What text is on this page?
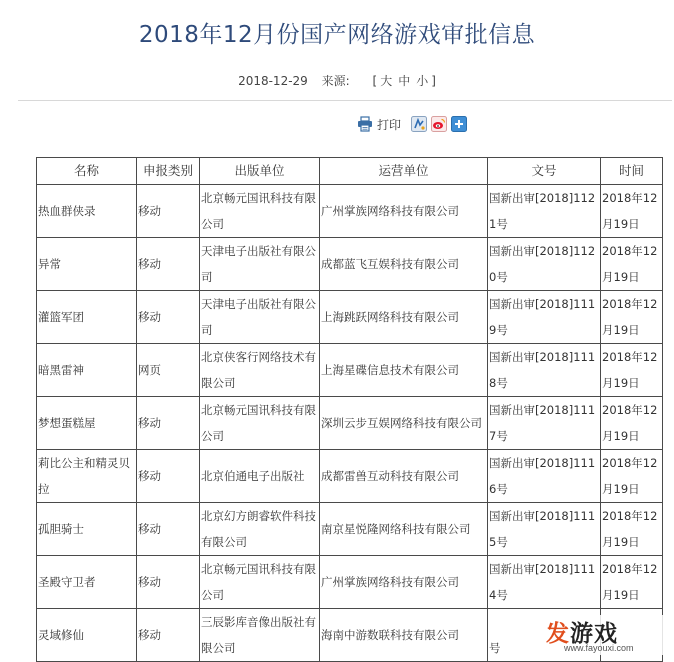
2018年12月份国产网络游戏审批信息
2018-12-29 来源: [ 大 中 小 ]
打印
名称	申报类别	出版单位	运营单位	文号	时间
热血群侠录	移动	北京畅元国讯科技有限公司	广州掌族网络科技有限公司	国新出审[2018]1121号	2018年12月19日
异常	移动	天津电子出版社有限公司	成都蓝飞互娱科技有限公司	国新出审[2018]1120号	2018年12月19日
灌篮军团	移动	天津电子出版社有限公司	上海跳跃网络科技有限公司	国新出审[2018]1119号	2018年12月19日
暗黑雷神	网页	北京侠客行网络技术有限公司	上海星碟信息技术有限公司	国新出审[2018]1118号	2018年12月19日
梦想蛋糕屋	移动	北京畅元国讯科技有限公司	深圳云步互娱网络科技有限公司	国新出审[2018]1117号	2018年12月19日
莉比公主和精灵贝拉	移动	北京伯通电子出版社	成都雷兽互动科技有限公司	国新出审[2018]1116号	2018年12月19日
孤胆骑士	移动	北京幻方朗睿软件科技有限公司	南京星悦隆网络科技有限公司	国新出审[2018]1115号	2018年12月19日
圣殿守卫者	移动	北京畅元国讯科技有限公司	广州掌族网络科技有限公司	国新出审[2018]1114号	2018年12月19日
灵域修仙	移动	三辰影库音像出版社有限公司	海南中游数联科技有限公司	号	
发游戏
www.fayouxi.com
